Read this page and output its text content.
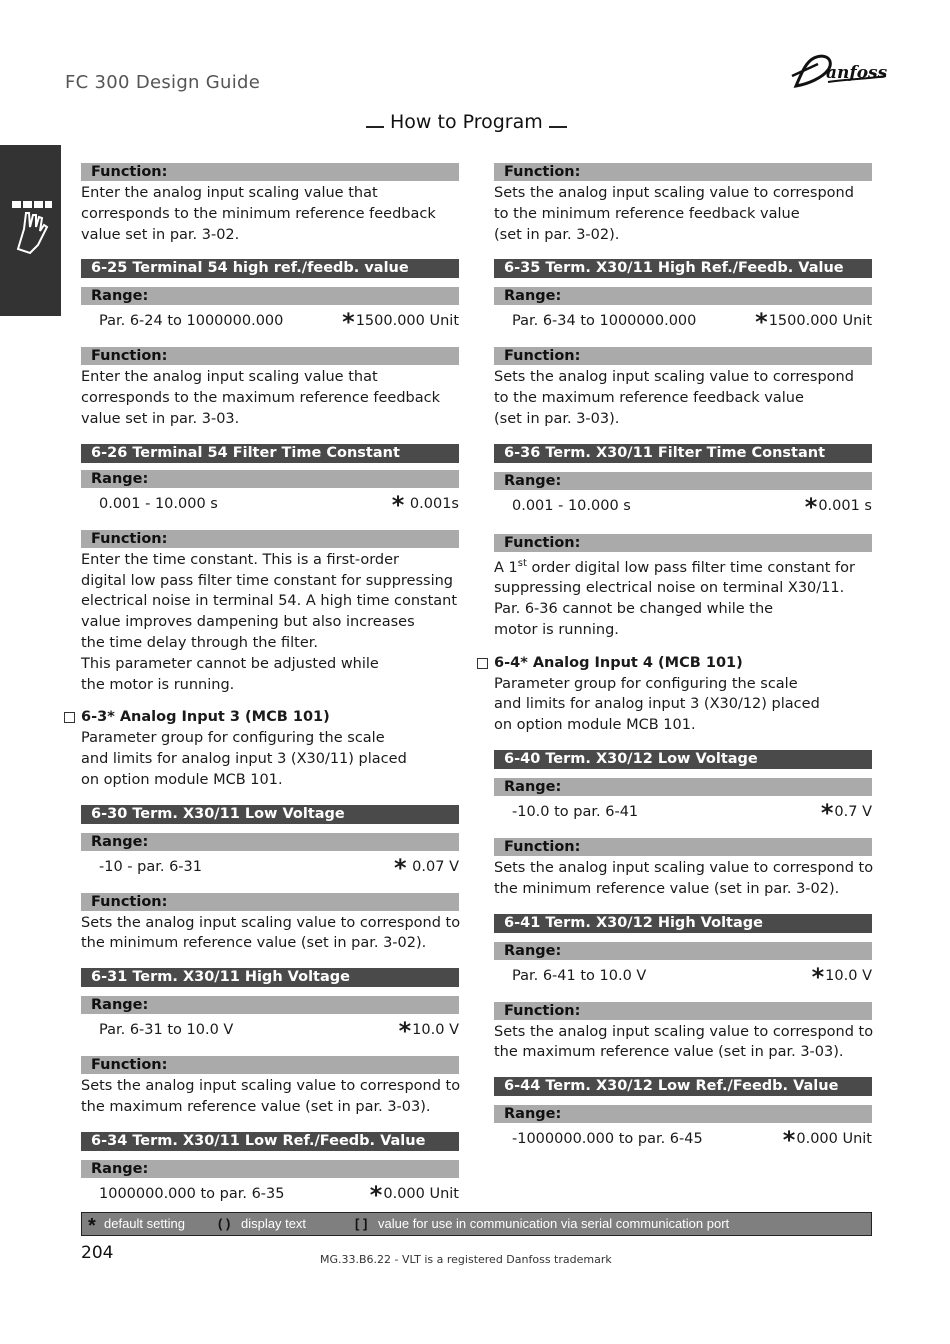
FC 300 Design Guide	anfoss
How to Program
Function:
Enter the analog input scaling value that
corresponds to the minimum reference feedback
value set in par. 3-02.
6-25 Terminal 54 high ref./feedb. value
Range:
Par. 6-24 to 1000000.000 *1500.000 Unit
Function:
Enter the analog input scaling value that
corresponds to the maximum reference feedback
value set in par. 3-03.
6-26 Terminal 54 Filter Time Constant
Range:
0.001 - 10.000 s	* 0.001s
Function:
Enter the time constant. This is a first-order
digital low pass filter time constant for suppressing
electrical noise in terminal 54. A high time constant
value improves dampening but also increases
the time delay through the filter.
This parameter cannot be adjusted while
the motor is running.
6-3* Analog Input 3 (MCB 101)
Parameter group for configuring the scale
and limits for analog input 3 (X30/11) placed
on option module MCB 101.
6-30 Term. X30/11 Low Voltage
Range:
-10 - par. 6-31	* 0.07 V
Function:
Sets the analog input scaling value to correspond to
the minimum reference value (set in par. 3-02).
6-31 Term. X30/11 High Voltage
Range:
Par. 6-31 to 10.0 V	*10.0 V
Function:
Sets the analog input scaling value to correspond to
the maximum reference value (set in par. 3-03).
6-34 Term. X30/11 Low Ref./Feedb. Value
Range:
1000000.000 to par. 6-35	*0.000 Unit
Function:
Sets the analog input scaling value to correspond
to the minimum reference feedback value
(set in par. 3-02).
6-35 Term. X30/11 High Ref./Feedb. Value
Range:
Par. 6-34 to 1000000.000 *1500.000 Unit
Function:
Sets the analog input scaling value to correspond
to the maximum reference feedback value
(set in par. 3-03).
6-36 Term. X30/11 Filter Time Constant
Range:
0.001 - 10.000 s	*0.001 s
Function:
A 1st order digital low pass filter time constant for
suppressing electrical noise on terminal X30/11.
Par. 6-36 cannot be changed while the
motor is running.
6-4* Analog Input 4 (MCB 101)
Parameter group for configuring the scale
and limits for analog input 3 (X30/12) placed
on option module MCB 101.
6-40 Term. X30/12 Low Voltage
Range:
-10.0 to par. 6-41	*0.7 V
Function:
Sets the analog input scaling value to correspond to
the minimum reference value (set in par. 3-02).
6-41 Term. X30/12 High Voltage
Range:
Par. 6-41 to 10.0 V	*10.0 V
Function:
Sets the analog input scaling value to correspond to
the maximum reference value (set in par. 3-03).
6-44 Term. X30/12 Low Ref./Feedb. Value
Range:
-1000000.000 to par. 6-45	*0.000 Unit
* default setting	( ) display text	[ ] value for use in communication via serial communication port
204	MG.33.B6.22 - VLT is a registered Danfoss trademark
